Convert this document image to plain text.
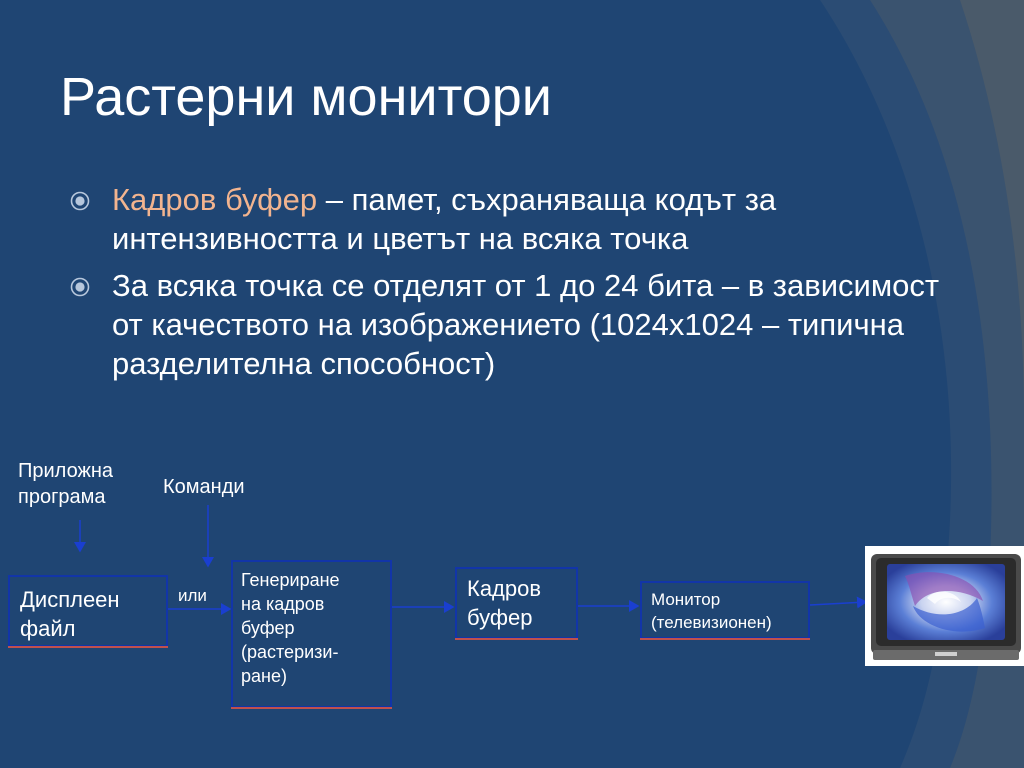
Растерни монитори
Кадров буфер – памет, съхраняваща кодът за интензивността и цветът на всяка точка
За всяка точка се отделят от 1 до 24 бита – в зависимост от качеството на изображението (1024x1024 – типична разделителна способност)
Приложна
програма	Команди
или
Дисплеен
файл
Генериране
на кадров
буфер
(растеризи-
ране)
Кадров
буфер
Монитор
(телевизионен)
